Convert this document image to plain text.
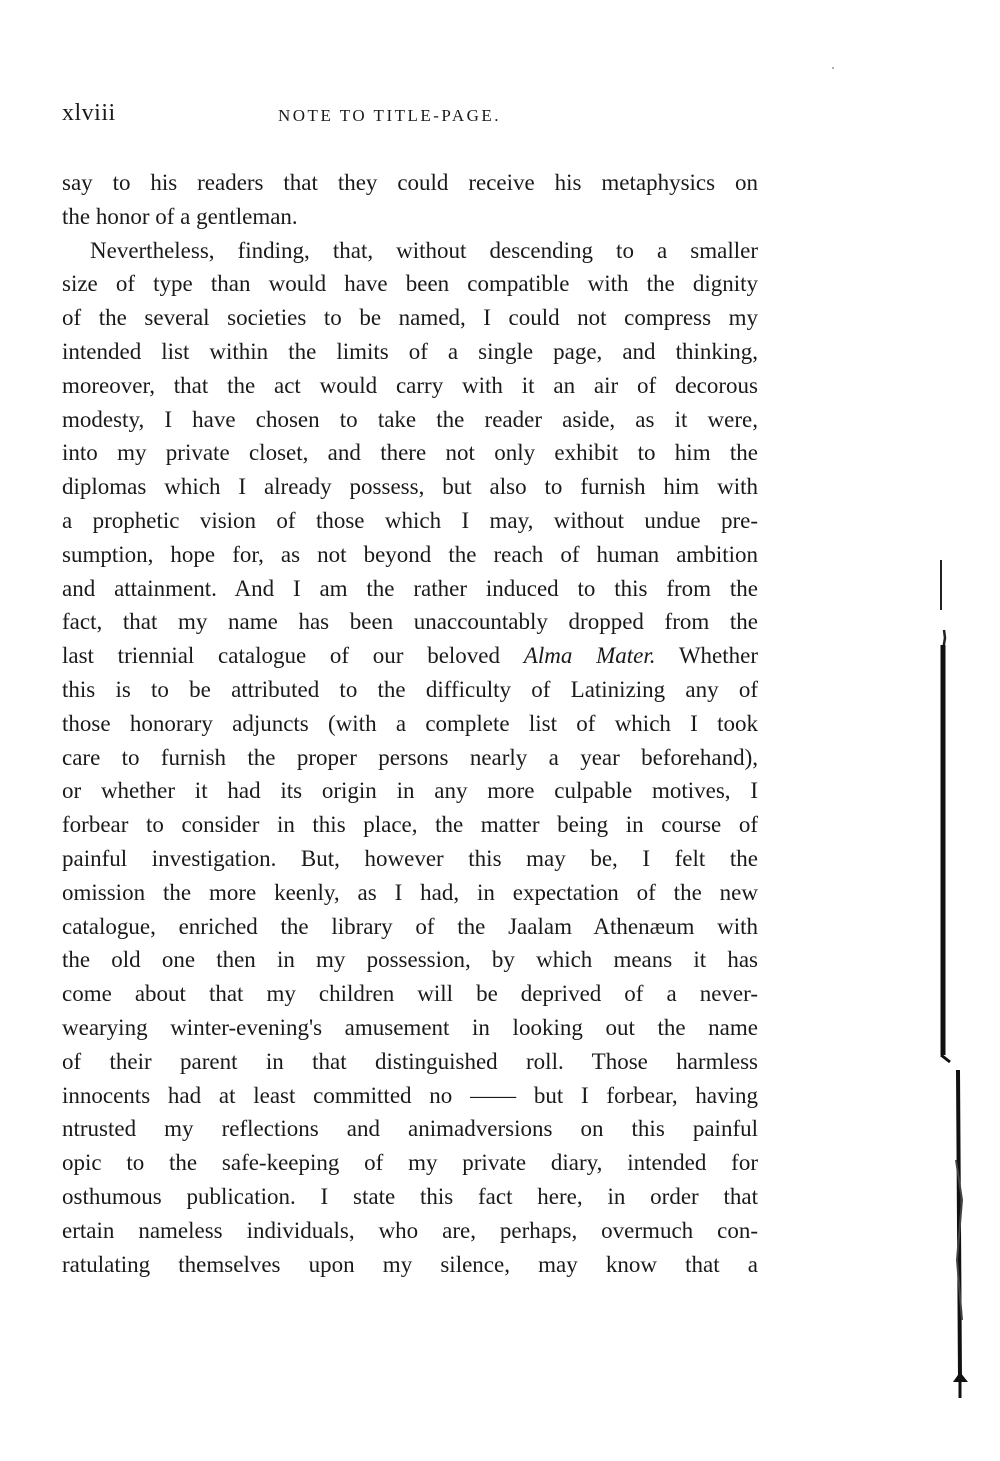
xlviii	NOTE TO TITLE-PAGE.
say to his readers that they could receive his metaphysics on
the honor of a gentleman.
Nevertheless, finding, that, without descending to a smaller
size of type than would have been compatible with the dignity
of the several societies to be named, I could not compress my
intended list within the limits of a single page, and thinking,
moreover, that the act would carry with it an air of decorous
modesty, I have chosen to take the reader aside, as it were,
into my private closet, and there not only exhibit to him the
diplomas which I already possess, but also to furnish him with
a prophetic vision of those which I may, without undue pre-
sumption, hope for, as not beyond the reach of human ambition
and attainment. And I am the rather induced to this from the
fact, that my name has been unaccountably dropped from the
last triennial catalogue of our beloved Alma Mater. Whether
this is to be attributed to the difficulty of Latinizing any of
those honorary adjuncts (with a complete list of which I took
care to furnish the proper persons nearly a year beforehand),
or whether it had its origin in any more culpable motives, I
forbear to consider in this place, the matter being in course of
painful investigation. But, however this may be, I felt the
omission the more keenly, as I had, in expectation of the new
catalogue, enriched the library of the Jaalam Athenæum with
the old one then in my possession, by which means it has
come about that my children will be deprived of a never-
wearying winter-evening's amusement in looking out the name
of their parent in that distinguished roll. Those harmless
innocents had at least committed no —— but I forbear, having
ntrusted my reflections and animadversions on this painful
opic to the safe-keeping of my private diary, intended for
osthumous publication. I state this fact here, in order that
ertain nameless individuals, who are, perhaps, overmuch con-
ratulating themselves upon my silence, may know that a
